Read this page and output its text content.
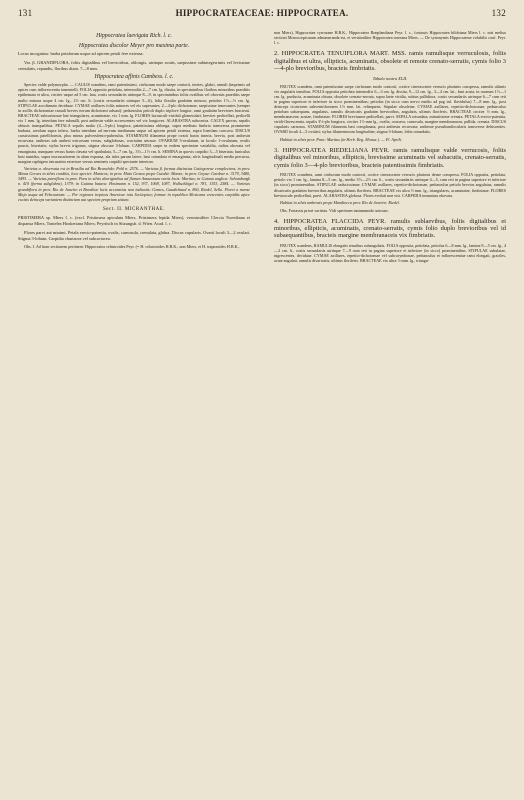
131	HIPPOCRATEACEAE: HIPPOCRATEA.	132

Hippocratea laevigata Rich. l. c.

Hippocratea discolor Meyer pro maxima parte.

Locus incognitus: barba petalorum usque ad apicem petali fere extensa.

Var. β. GRANDIFLORA, foliis digitalibus vel brevioribus, oblongis, utrinque acutis, saepissime subintegerrimis vel levissime crenulatis, repandis, floribus diam. 7—8 mm.

Hippocratea affinis Cambess. l. c.

Species valde polymorpha. — CAULIS scandens, rami patentissimi, cirrhorum modo saepe contorti, teretes, glabri, ramuli (imprimis ad apices cum inflorescentia tomentelli. FOLIA opposita petiolata, internodiis 2—7 cm. lg. dissita, in speciminibus floribus minoribus praeditis epithemata et ultra, circiter usque ad 5 cm. lata, costis secundariis utrinque 8—9, in speciminibus foliis ovalibus vel obovatis praeditis saepe multo minora usque 4 cm. lg., 2½ cm. lt. (costis secundariis utrinque 5—6), folia floralia gradatim minora; petiolus 1½—½ cm. lg. STIPULAE acrofinnato deciduae. CYMAE axillares foliis minores vel eis superantes, 2—4-plo dichotomae, saepissime innovantes (semper in axillis dichotomiae ramuli breves iterum dichotomi adsunt): pedunculus petioli duplo triplove longior, rami gradatim breviores bracteati. BRACTEAE subcarinosae late triangulares, acuminatae, vix 1 mm. lg. FLORES laxiusculi-viriduli glomerulati; breviter pedicellati, pedicelli vix 1 mm. lg. interdum fere subnulli, post anthesin valde accrescentes vel vix longiores. ALABASTRA subconica. CALYX parvus, sepalis obtusis inaequalibus. PETALA sepalis multo (4—5-plo) longiora, patentissima oblonga, supra medium fimbria transversa prominente barbata, areolam supra infero, barba interdum ad nervum medianum usque ad apicem petali extensa, supra lineolam concava. DISCUS crassissimus patelliformis, plus minus pulverulento-puberulus. STAMINUM filamenta prope ovarii basin inserta, brevia, post anthesin recurvata, antheras sub anthesi extrorsum versas, subglobosas, cruciatim setosae. OVARIUM 3-ovulatum, in loculo 1-ovulatum; ovulis paucis, biseriatis; stylus brevis trigonus, stigma obscure 3-lobum. CARPIDIA saepe in eodem specimine variabilia, radius obovata vel emarginata, nunquam versus basin clavata vel spathulata, 5—7 cm. lg., 3½—1½ cm. lt. SEMINA in quovis carpidio 3—5 biseriata; funiculus basi tumidus, supra incrassatiorem in alam expansa, ala infra parum latere, basi rotundata et emarginata, alvis longitudinali media percursa, margine raphigero intrusatim exteriore versus semineis carpidii spectante interiora.

Varietas α. observata est in Brasilia ad Rio Branchdo: Pohl n. 2576. — Varietas β. formas distinctas Cattegoreae complectens, in prov. Minas Geraes in silvis conditis, loco speciei: Manicos; in prov. Mato Grosso prope Cuiabá: Manso; in prov. Goyaz: Gardner n. 3179, 3480, 3493. — Varietas parviflora in prov. Para in silvis aboriginibus ad flumen Amazonum variis locis: Martius; in Guiana anglica: Schomburgk n. 410 (forma subglabra), 1379; in Guiana batava: Hostmann n. 152, 937, 1068, 1087, Wullschlägel n. 781, 1353, 2584. — Varietas grandiflora in prov. Rio de Janeiro et Brasiliae locis accuratius non indicatis: Gomes, Gaudichaud n. 860, Riedel, Sello. Floret a mense Majo usque ad Februarium. — Per regiones tropicas Americae tota Sectiopica; formae in republica Mexicana crescentes carpidiis apice excisis deinceps variantem distinctam aut speciem propriam sistunt.

Sect. II. MICRANTHAE.

PRISTIMERA sp. Miers l. c. (excl. Pristimera apiculata Miers, Pristimera lepida Miers), verosimiliter Clercia Tweediana et dispansa Miers, Tontelea Hookeriana Miers; Peyritsch in Sitzungsb. d. Wien. Acad. l. c.

Flores parvi aut minimi. Petala erecto-patentia, ovalis, carnosula, crenulata, glabra. Discus cupularis. Ovarii loculi 3—2 ovulati. Stigma 3-lobum. Carpidia chartacea vel subcoriacea.

Obs. I. Ad hanc sectionem pertinent: Hippocratea celastroides Peyr. (= H. celastroides H.B.K., non Miers, et H. trapezoides H.B.K.,

non Miers), Hippocratea cyrrosane H.B.K., Hippocratea Bonplandiana Peyr. l. c., fortassis Hippocratea bilobiana Miers l. c. nisi melius sectioni Monocorpicarum adnumeranda est, et verisimiliter Hippocratea torreana Miers. — De synonymis Hippocrateae volubilis conf. Peyr. l. c.

2. HIPPOCRATEA TENUIFLORA MART. MSS. ramis ramulisque verruculosis, foliis digitalibus et ultra, ellipticis, acuminatis, obsolete et remote crenato-serratis, cymis folio 3—4-plo brevioribus, bracteis fimbriatis.

Tabula nostra XLII.

FRUTEX scandens, rami patentissimi saepe cirrhorum modo contorti, cortice cinerascente verrucis plurimis conspersa, ramulis ultimis vix angulatis tenuibus. FOLIA opposita petiolata internodiis 6—3 cm. lg. dissita, 9—12 cm. lg., 3—4 cm. lat., basi acuta, in cuneum 1½—1 cm. lg. producta, acuminata obtusa, obsolete crenato-serrata, supra laete viridia, subtus pallidiora, costis secundariis utrinque 6—7 cum reti in pagina superiore et inferiore in sicco prominentibus; petiolus (in sicco cum nervo medio ad pag inf. flavidulus) 7—8 mm. lg., post deinceps cicatricem subventriformem 1½ mm. lat. relinquens. Stipulae obsoletae. CYMAE axillares, repetito-dichotomae, pedunculus petiolum subaequans, angulatus, ramulis divaricatis gradatim brevioribus, angulatis, ultimis floriferis. BRACTEAE circiter ½ mm. lg., membranaceae, acutae, fimbriatae. FLORES breviusme pedicellati, parvi. SEPALA rotundata, minutissime crenata. PETALA erecto-patentia, viridi-flavescentia, sepalis 3½-plo longiora, circiter 1½ mm lg., ovalia, concava, carnosula, margine membranacea, pallida, crenata. DISCUS cupularis carnosus. STAMINUM filamenta basi complanata, post anthesin recurvata; antherae pseudounilocularis transverse dehiscentes. OVARII loculi 4—5 ovulati; stylus filamentorum longitudine; stigma 3-lobum, lobis rotundatis.

Habitat in silvis prov. Para: Martius (in Herb. Reg. Monac.). — Fl. Aprili.

3. HIPPOCRATEA RIEDELIANA PEYR. ramis ramulisque valde verrucosis, foliis digitalibus vel minoribus, ellipticis, brevissime acuminatis vel subacutis, crenato-serratis, cymis folio 3—4-plo brevioribus, bracteis patentissimis fimbriatis.

FRUTEX scandens, rami cirrhorum modo contorti, cortice cinerascente verrucis plurimis dense conspersa. FOLIA opposita, petiolata, petiolo vix 1 cm. lg., lamina 8—5 cm. lg., medio 3½—2½ cm. lt., costis secundariis utrinque 4—5, cum reti in pagina superiore et inferiore (in sicco) prominentibus. STIPULAE caducissimae. CYMAE axillares, repetito-dichotomae, pedunculus petiolo brevius angulatus, ramulis divaricatis gradatim brevioribus angulatis, ultimis floriferis. BRACTEAE vix ultra ½ mm. lg., triangulares, acuminatae, fimbriatae. FLORES breviuscule pedicellati, parvi. ALABASTRA globosa. Flores evoluti non visi. CARPIDIA immatura obovata.

Habitat in silvis umbrosis prope Mandiocca prov. Rio de Janeiro: Riedel.

Obs. Fortassis priori varietas. Vidi specimen tantummodo unicum.

4. HIPPOCRATEA FLACCIDA PEYR. ramulis sublaevibus, foliis digitalibus et minoribus, ellipticis, acuminatis, crenato-serratis, cymis folio duplo brevioribus vel id subaequantibus, bracteis margine membranaceis vix fimbriatis.

FRUTEX scandens, RAMULIS elongatis tenuibus subangulatis. FOLIA opposita, petiolata, petiolus 6—8 mm. lg., lamina 9—5 cm. lg., 4—2 cm. lt., costis secundariis utrinque 7—9 cum reti in pagina superiore et inferiore (in sicco) prominentibus. STIPULAE subulatae, nigrescentes, deciduae. CYMAE axillares, repetito-dichotomae vel subcorymbosae, pedunculus et inflorescentiae rami elongati, graciles, acute angulati, ramulis divaricatis, ultimis floriferis. BRACTEAE vix ultra ½ mm. lg., triangu-
